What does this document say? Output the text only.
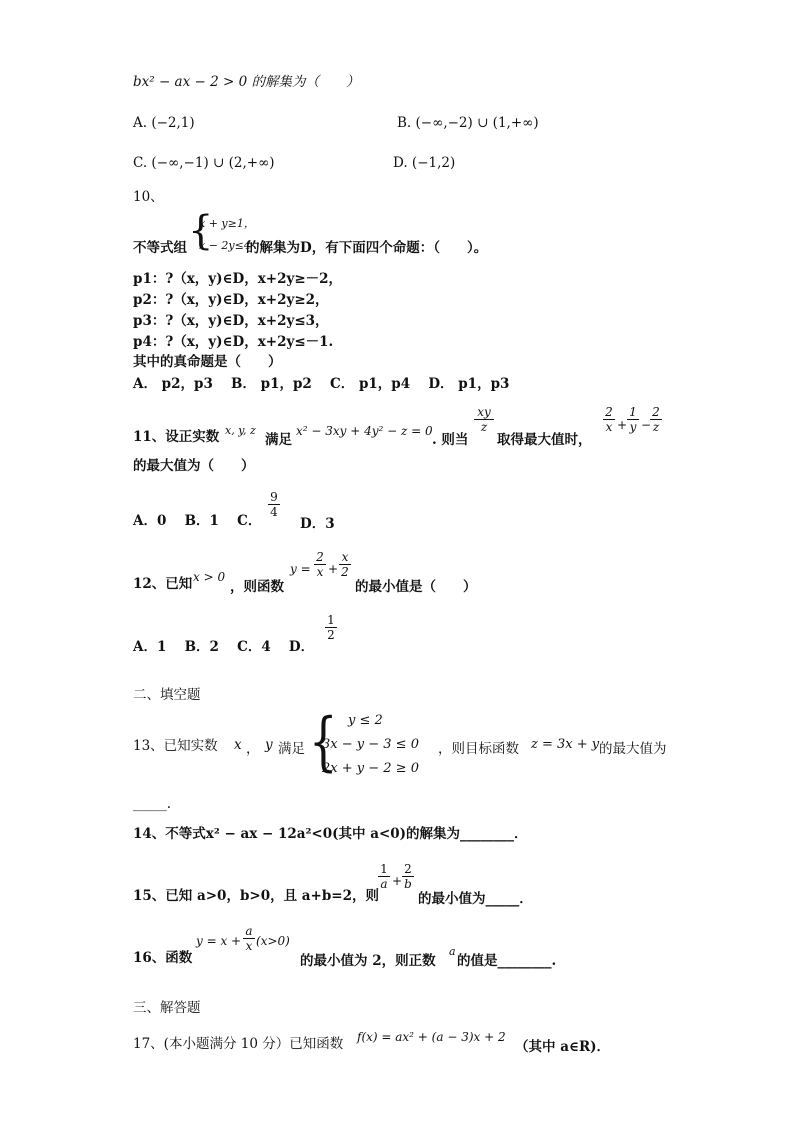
bx² − ax − 2 > 0 的解集为（　　）
A. (−2,1)	B. (−∞,−2) ∪ (1,+∞)
C. (−∞,−1) ∪ (2,+∞)	D. (−1,2)
10、
{
x + y≥1，
x − 2y≤4
不等式组	的解集为D，有下面四个命题：（　　）。
p1：?（x，y)∈D，x+2y≥－2，
p2：?（x，y)∈D，x+2y≥2，
p3：?（x，y)∈D，x+2y≤3，
p4：?（x，y)∈D，x+2y≤－1.
其中的真命题是（　　）
A． p2，p3　 B． p1，p2　 C． p1，p4　 D． p1，p3
11、设正实数 x, y, z
满足
x² − 3xy + 4y² − z = 0
. 则当
xy
z
取得最大值时，
2
x +
1
y −
2
z
的最大值为（　　）
A．0　 B．1　 C．
9
4
D．3
12、已知 x > 0
，则函数
y =
2
x +
x
2
的最小值是（　　）
A．1　 B．2　 C．4　 D．
1
2
二、填空题
13、已知实数 x ， y 满足 { y ≤ 2
3x − y − 3 ≤ 0
2x + y − 2 ≥ 0
，则目标函数 z = 3x + y 的最大值为
_____.
14、不等式x² − ax − 12a²<0(其中 a<0)的解集为________．
15、已知 a>0，b>0，且 a+b=2，则
1
a +
2
b
的最小值为_____．
16、函数
y = x +
a
x (x>0)
的最小值为 2，则正数
a
的值是________.
三、解答题
17、(本小题满分 10 分）已知函数 f(x) = ax² + (a − 3)x + 2
（其中 a∈R)．
